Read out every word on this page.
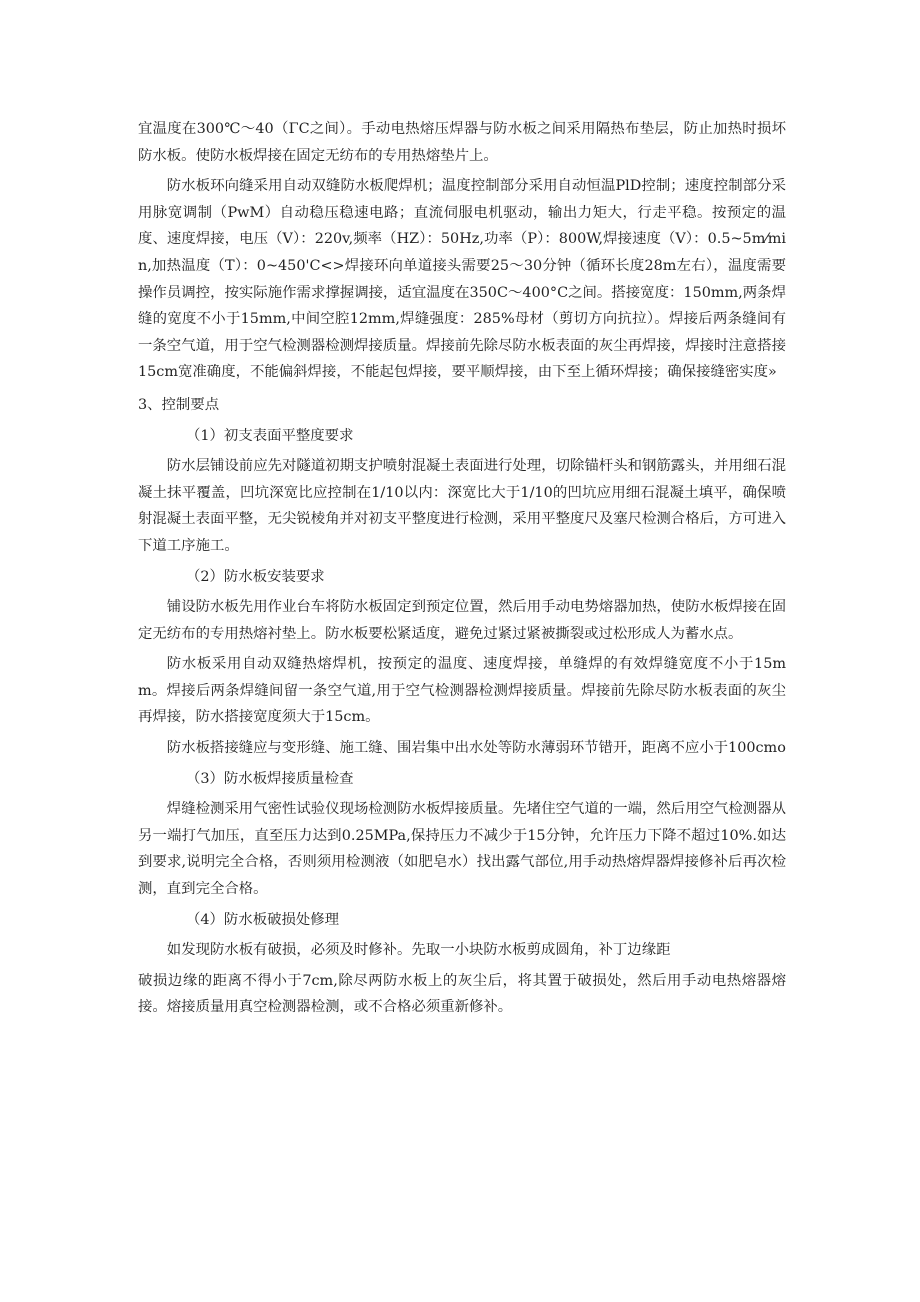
宜温度在300℃～40（ΓC之间）。手动电热熔压焊器与防水板之间采用隔热布垫层，防止加热时损坏防水板。使防水板焊接在固定无纺布的专用热熔垫片上。

防水板环向缝采用自动双缝防水板爬焊机；温度控制部分采用自动恒温PlD控制；速度控制部分采用脉宽调制（PwM）自动稳压稳速电路；直流伺服电机驱动，输出力矩大，行走平稳。按预定的温度、速度焊接，电压（V）：220v,频率（HZ）：50Hz,功率（P）：800W,焊接速度（V）：0.5~5m⁄min,加热温度（T）：0~450'C<>焊接环向单道接头需要25～30分钟（循环长度28m左右），温度需要操作员调控，按实际施作需求撑握调接，适宜温度在350C～400°C之间。搭接宽度：150mm,两条焊缝的宽度不小于15mm,中间空腔12mm,焊缝强度：285%母材（剪切方向抗拉）。焊接后两条缝间有一条空气道，用于空气检测器检测焊接质量。焊接前先除尽防水板表面的灰尘再焊接，焊接时注意搭接15cm宽准确度，不能偏斜焊接，不能起包焊接，要平顺焊接，由下至上循环焊接；确保接缝密实度»

3、控制要点

（1）初支表面平整度要求

防水层铺设前应先对隧道初期支护喷射混凝土表面进行处理，切除锚杆头和钢筋露头，并用细石混凝土抹平覆盖，凹坑深宽比应控制在1/10以内：深宽比大于1/10的凹坑应用细石混凝土填平，确保喷射混凝土表面平整，无尖锐棱角并对初支平整度进行检测，采用平整度尺及塞尺检测合格后，方可进入下道工序施工。

（2）防水板安装要求

铺设防水板先用作业台车将防水板固定到预定位置，然后用手动电势熔器加热，使防水板焊接在固定无纺布的专用热熔衬垫上。防水板要松紧适度，避免过紧过紧被撕裂或过松形成人为蓄水点。

防水板采用自动双缝热熔焊机，按预定的温度、速度焊接，单缝焊的有效焊缝宽度不小于15mm。焊接后两条焊缝间留一条空气道,用于空气检测器检测焊接质量。焊接前先除尽防水板表面的灰尘再焊接，防水搭接宽度须大于15cm。

防水板搭接缝应与变形缝、施工缝、围岩集中出水处等防水薄弱环节错开，距离不应小于100cmo

（3）防水板焊接质量检查

焊缝检测采用气密性试验仪现场检测防水板焊接质量。先堵住空气道的一端，然后用空气检测器从另一端打气加压，直至压力达到0.25MPa,保持压力不减少于15分钟，允许压力下降不超过10%.如达到要求,说明完全合格，否则须用检测液（如肥皂水）找出露气部位,用手动热熔焊器焊接修补后再次检测，直到完全合格。

（4）防水板破损处修理

如发现防水板有破损，必须及时修补。先取一小块防水板剪成圆角，补丁边缘距

破损边缘的距离不得小于7cm,除尽两防水板上的灰尘后，将其置于破损处，然后用手动电热熔器熔接。熔接质量用真空检测器检测，或不合格必须重新修补。
